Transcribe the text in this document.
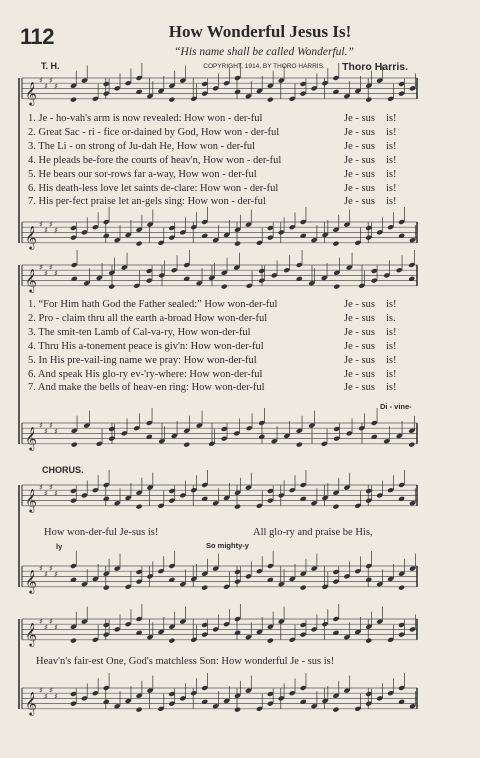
𝄞
♯
♯
♯
♯
𝄞
♯
♯
♯
♯
𝄞
♯
♯
♯
♯
𝄞
♯
♯
♯
♯
𝄞
♯
♯
♯
♯
𝄞
♯
♯
♯
♯
𝄞
♯
♯
♯
♯
𝄞
♯
♯
♯
♯
112	How Wonderful Jesus Is!
“His name shall be called Wonderful.”
COPYRIGHT, 1914, BY THORO HARRIS.
T. H.	Thoro Harris.
1. Je - ho-vah's arm is now revealed: How won - der-ful	Je - sus	is!
2. Great Sac - ri - fice or-dained by God, How won - der-ful	Je - sus	is!
3. The Li - on strong of Ju-dah He, How won - der-ful	Je - sus	is!
4. He pleads be-fore the courts of heav'n, How won - der-ful	Je - sus	is!
5. He bears our sor-rows far a-way, How won - der-ful	Je - sus	is!
6. His death-less love let saints de-clare: How won - der-ful	Je - sus	is!
7. His per-fect praise let an-gels sing: How won - der-ful	Je - sus	is!
1. “For Him hath God the Father sealed:” How won-der-ful	Je - sus	is!
2. Pro - claim thru all the earth a-broad How won-der-ful	Je - sus	is.
3. The smit-ten Lamb of Cal-va-ry, How won-der-ful	Je - sus	is!
4. Thru His a-tonement peace is giv'n: How won-der-ful	Je - sus	is!
5. In His pre-vail-ing name we pray: How won-der-ful	Je - sus	is!
6. And speak His glo-ry ev-'ry-where: How won-der-ful	Je - sus	is!
7. And make the bells of heav-en ring: How won-der-ful	Je - sus	is!
Di - vine-
CHORUS.
How won-der-ful Je-sus is!	All glo-ry and praise be His,
ly	So mighty-y
Heav'n's fair-est One, God's matchless Son: How wonderful Je - sus is!
